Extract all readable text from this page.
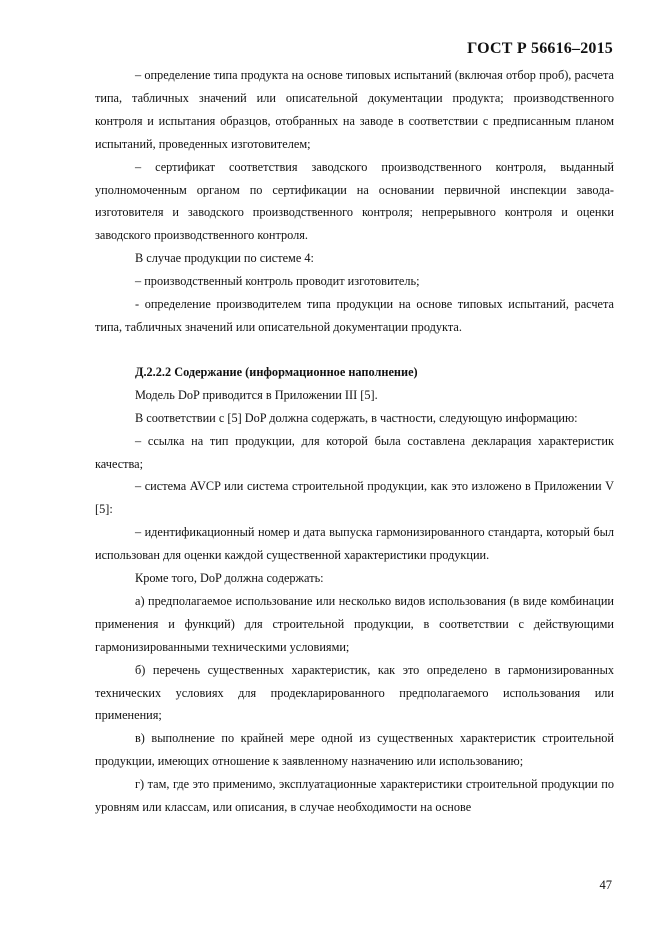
ГОСТ Р 56616–2015

– определение типа продукта на основе типовых испытаний (включая отбор проб), расчета типа, табличных значений или описательной документации продукта; производственного контроля и испытания образцов, отобранных на заводе в соответствии с предписанным планом испытаний, проведенных изготовителем;

– сертификат соответствия заводского производственного контроля, выданный уполномоченным органом по сертификации на основании первичной инспекции завода-изготовителя и заводского производственного контроля; непрерывного контроля и оценки заводского производственного контроля.

В случае продукции по системе 4:

– производственный контроль проводит изготовитель;

- определение производителем типа продукции на основе типовых испытаний, расчета типа, табличных значений или описательной документации продукта.

Д.2.2.2 Содержание (информационное наполнение)

Модель DoP приводится в Приложении III [5].

В соответствии с [5] DoP должна содержать, в частности, следующую информацию:

– ссылка на тип продукции, для которой была составлена декларация характеристик качества;

– система AVCP или система строительной продукции, как это изложено в Приложении V [5]:

– идентификационный номер и дата выпуска гармонизированного стандарта, который был использован для оценки каждой существенной характеристики продукции.

Кроме того, DoP должна содержать:

а) предполагаемое использование или несколько видов использования (в виде комбинации применения и функций) для строительной продукции, в соответствии с действующими гармонизированными техническими условиями;

б) перечень существенных характеристик, как это определено в гармонизированных технических условиях для продекларированного предполагаемого использования или применения;

в) выполнение по крайней мере одной из существенных характеристик строительной продукции, имеющих отношение к заявленному назначению или использованию;

г) там, где это применимо, эксплуатационные характеристики строительной продукции по уровням или классам, или описания, в случае необходимости на основе

47
